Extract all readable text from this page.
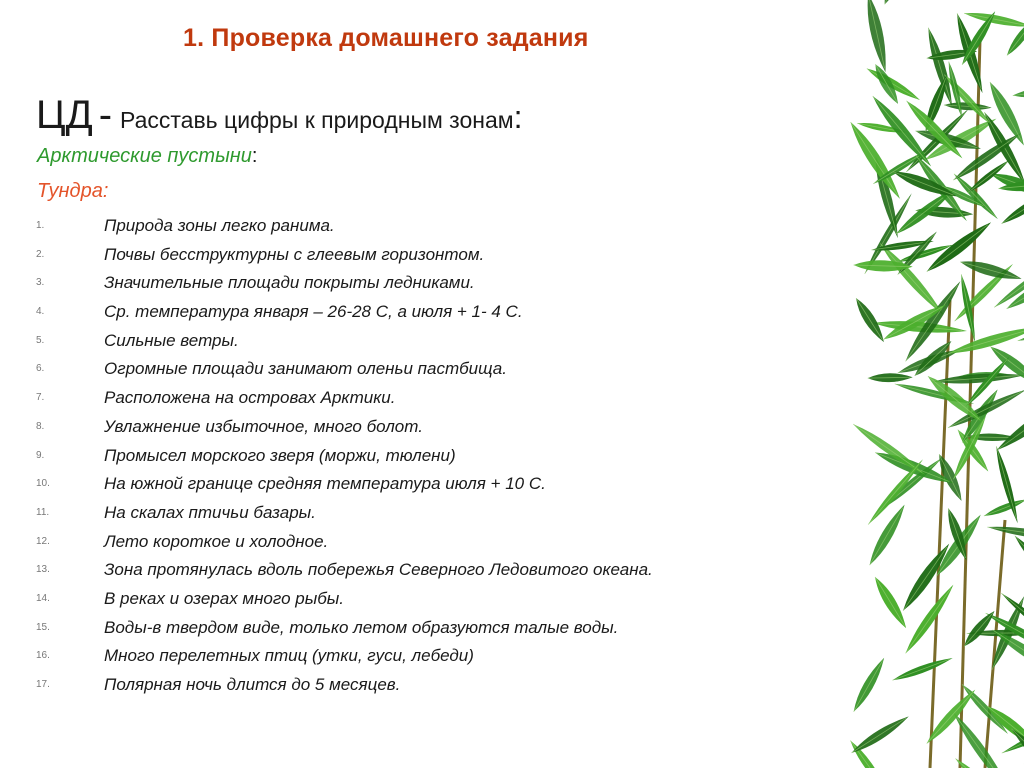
1. Проверка домашнего задания
ЦД - Расставь цифры к природным зонам:
Арктические пустыни:
Тундра:
1.	Природа зоны легко ранима.
2.	Почвы бесструктурны с глеевым горизонтом.
3.	Значительные площади покрыты ледниками.
4.	Ср. температура января – 26-28 С, а июля + 1- 4 С.
5.	Сильные ветры.
6.	Огромные площади занимают оленьи пастбища.
7.	Расположена на островах Арктики.
8.	Увлажнение избыточное, много болот.
9.	Промысел морского зверя (моржи, тюлени)
10.	На южной границе средняя температура июля + 10 С.
11.	На скалах птичьи базары.
12.	Лето короткое и холодное.
13.	Зона протянулась вдоль побережья Северного Ледовитого океана.
14.	В реках и озерах много рыбы.
15.	Воды-в твердом виде, только летом образуются талые воды.
16.	Много перелетных птиц (утки, гуси, лебеди)
17.	Полярная ночь длится до 5 месяцев.
